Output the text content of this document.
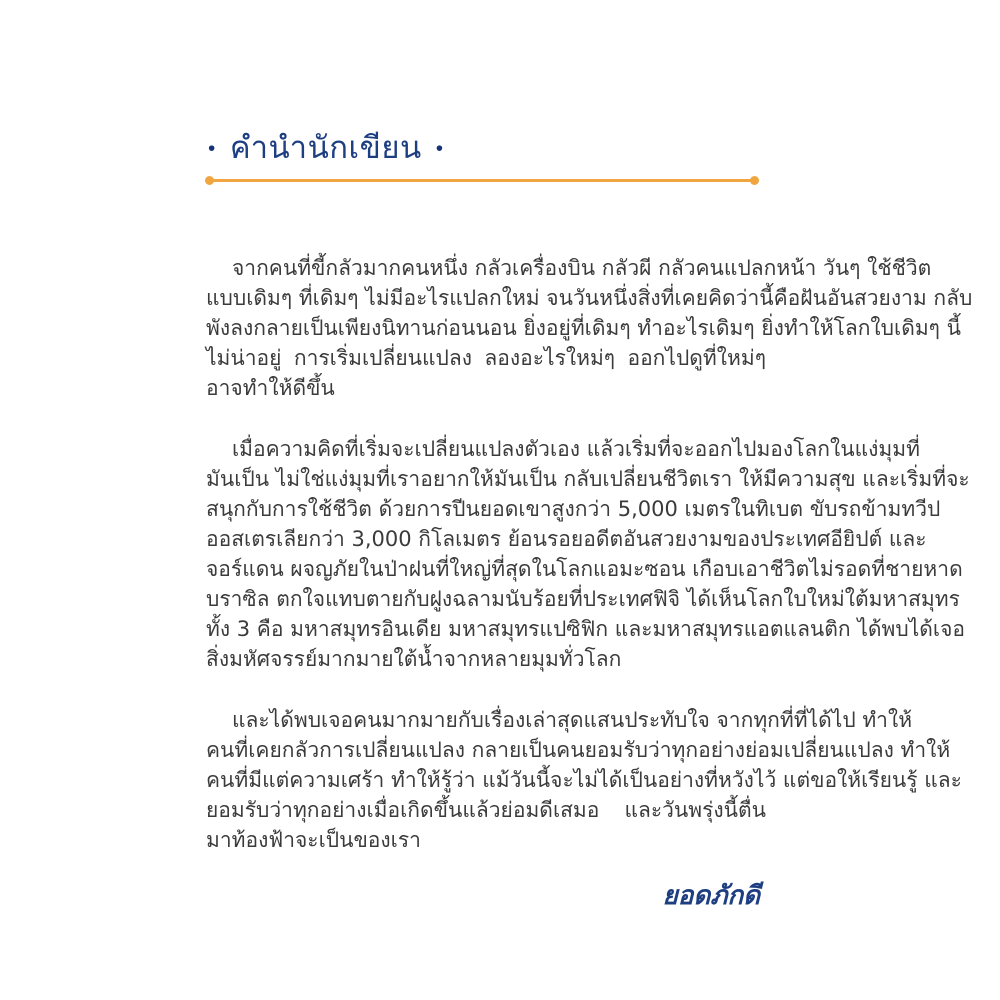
• คำนำนักเขียน •

จากคนที่ขี้กลัวมากคนหนึ่ง กลัวเครื่องบิน กลัวผี กลัวคนแปลกหน้า วันๆ ใช้ชีวิต
แบบเดิมๆ ที่เดิมๆ ไม่มีอะไรแปลกใหม่ จนวันหนึ่งสิ่งที่เคยคิดว่านี้คือฝันอันสวยงาม กลับ
พังลงกลายเป็นเพียงนิทานก่อนนอน ยิ่งอยู่ที่เดิมๆ ทำอะไรเดิมๆ ยิ่งทำให้โลกใบเดิมๆ นี้
ไม่น่าอยู่ การเริ่มเปลี่ยนแปลง ลองอะไรใหม่ๆ ออกไปดูที่ใหม่ๆ อาจทำให้ดีขึ้น

เมื่อความคิดที่เริ่มจะเปลี่ยนแปลงตัวเอง แล้วเริ่มที่จะออกไปมองโลกในแง่มุมที่
มันเป็น ไม่ใช่แง่มุมที่เราอยากให้มันเป็น กลับเปลี่ยนชีวิตเรา ให้มีความสุข และเริ่มที่จะ
สนุกกับการใช้ชีวิต ด้วยการปีนยอดเขาสูงกว่า 5,000 เมตรในทิเบต ขับรถข้ามทวีป
ออสเตรเลียกว่า 3,000 กิโลเมตร ย้อนรอยอดีตอันสวยงามของประเทศอียิปต์ และ
จอร์แดน ผจญภัยในป่าฝนที่ใหญ่ที่สุดในโลกแอมะซอน เกือบเอาชีวิตไม่รอดที่ชายหาด
บราซิล ตกใจแทบตายกับฝูงฉลามนับร้อยที่ประเทศฟิจิ ได้เห็นโลกใบใหม่ใต้มหาสมุทร
ทั้ง 3 คือ มหาสมุทรอินเดีย มหาสมุทรแปซิฟิก และมหาสมุทรแอตแลนติก ได้พบได้เจอ
สิ่งมหัศจรรย์มากมายใต้น้ำจากหลายมุมทั่วโลก

และได้พบเจอคนมากมายกับเรื่องเล่าสุดแสนประทับใจ จากทุกที่ที่ได้ไป ทำให้
คนที่เคยกลัวการเปลี่ยนแปลง กลายเป็นคนยอมรับว่าทุกอย่างย่อมเปลี่ยนแปลง ทำให้
คนที่มีแต่ความเศร้า ทำให้รู้ว่า แม้วันนี้จะไม่ได้เป็นอย่างที่หวังไว้ แต่ขอให้เรียนรู้ และ
ยอมรับว่าทุกอย่างเมื่อเกิดขึ้นแล้วย่อมดีเสมอ และวันพรุ่งนี้ตื่นมาท้องฟ้าจะเป็นของเรา

ยอดภักดี
